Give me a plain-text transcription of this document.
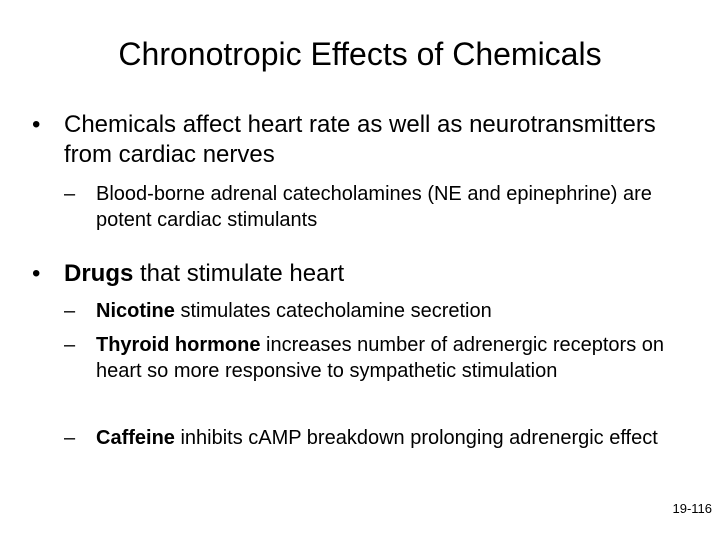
Chronotropic Effects of Chemicals
• Chemicals affect heart rate as well as neurotransmitters from cardiac nerves
– Blood-borne adrenal catecholamines (NE and epinephrine) are potent cardiac stimulants
• Drugs that stimulate heart
– Nicotine stimulates catecholamine secretion
– Thyroid hormone increases number of adrenergic receptors on heart so more responsive to sympathetic stimulation
– Caffeine inhibits cAMP breakdown prolonging adrenergic effect
19-116
